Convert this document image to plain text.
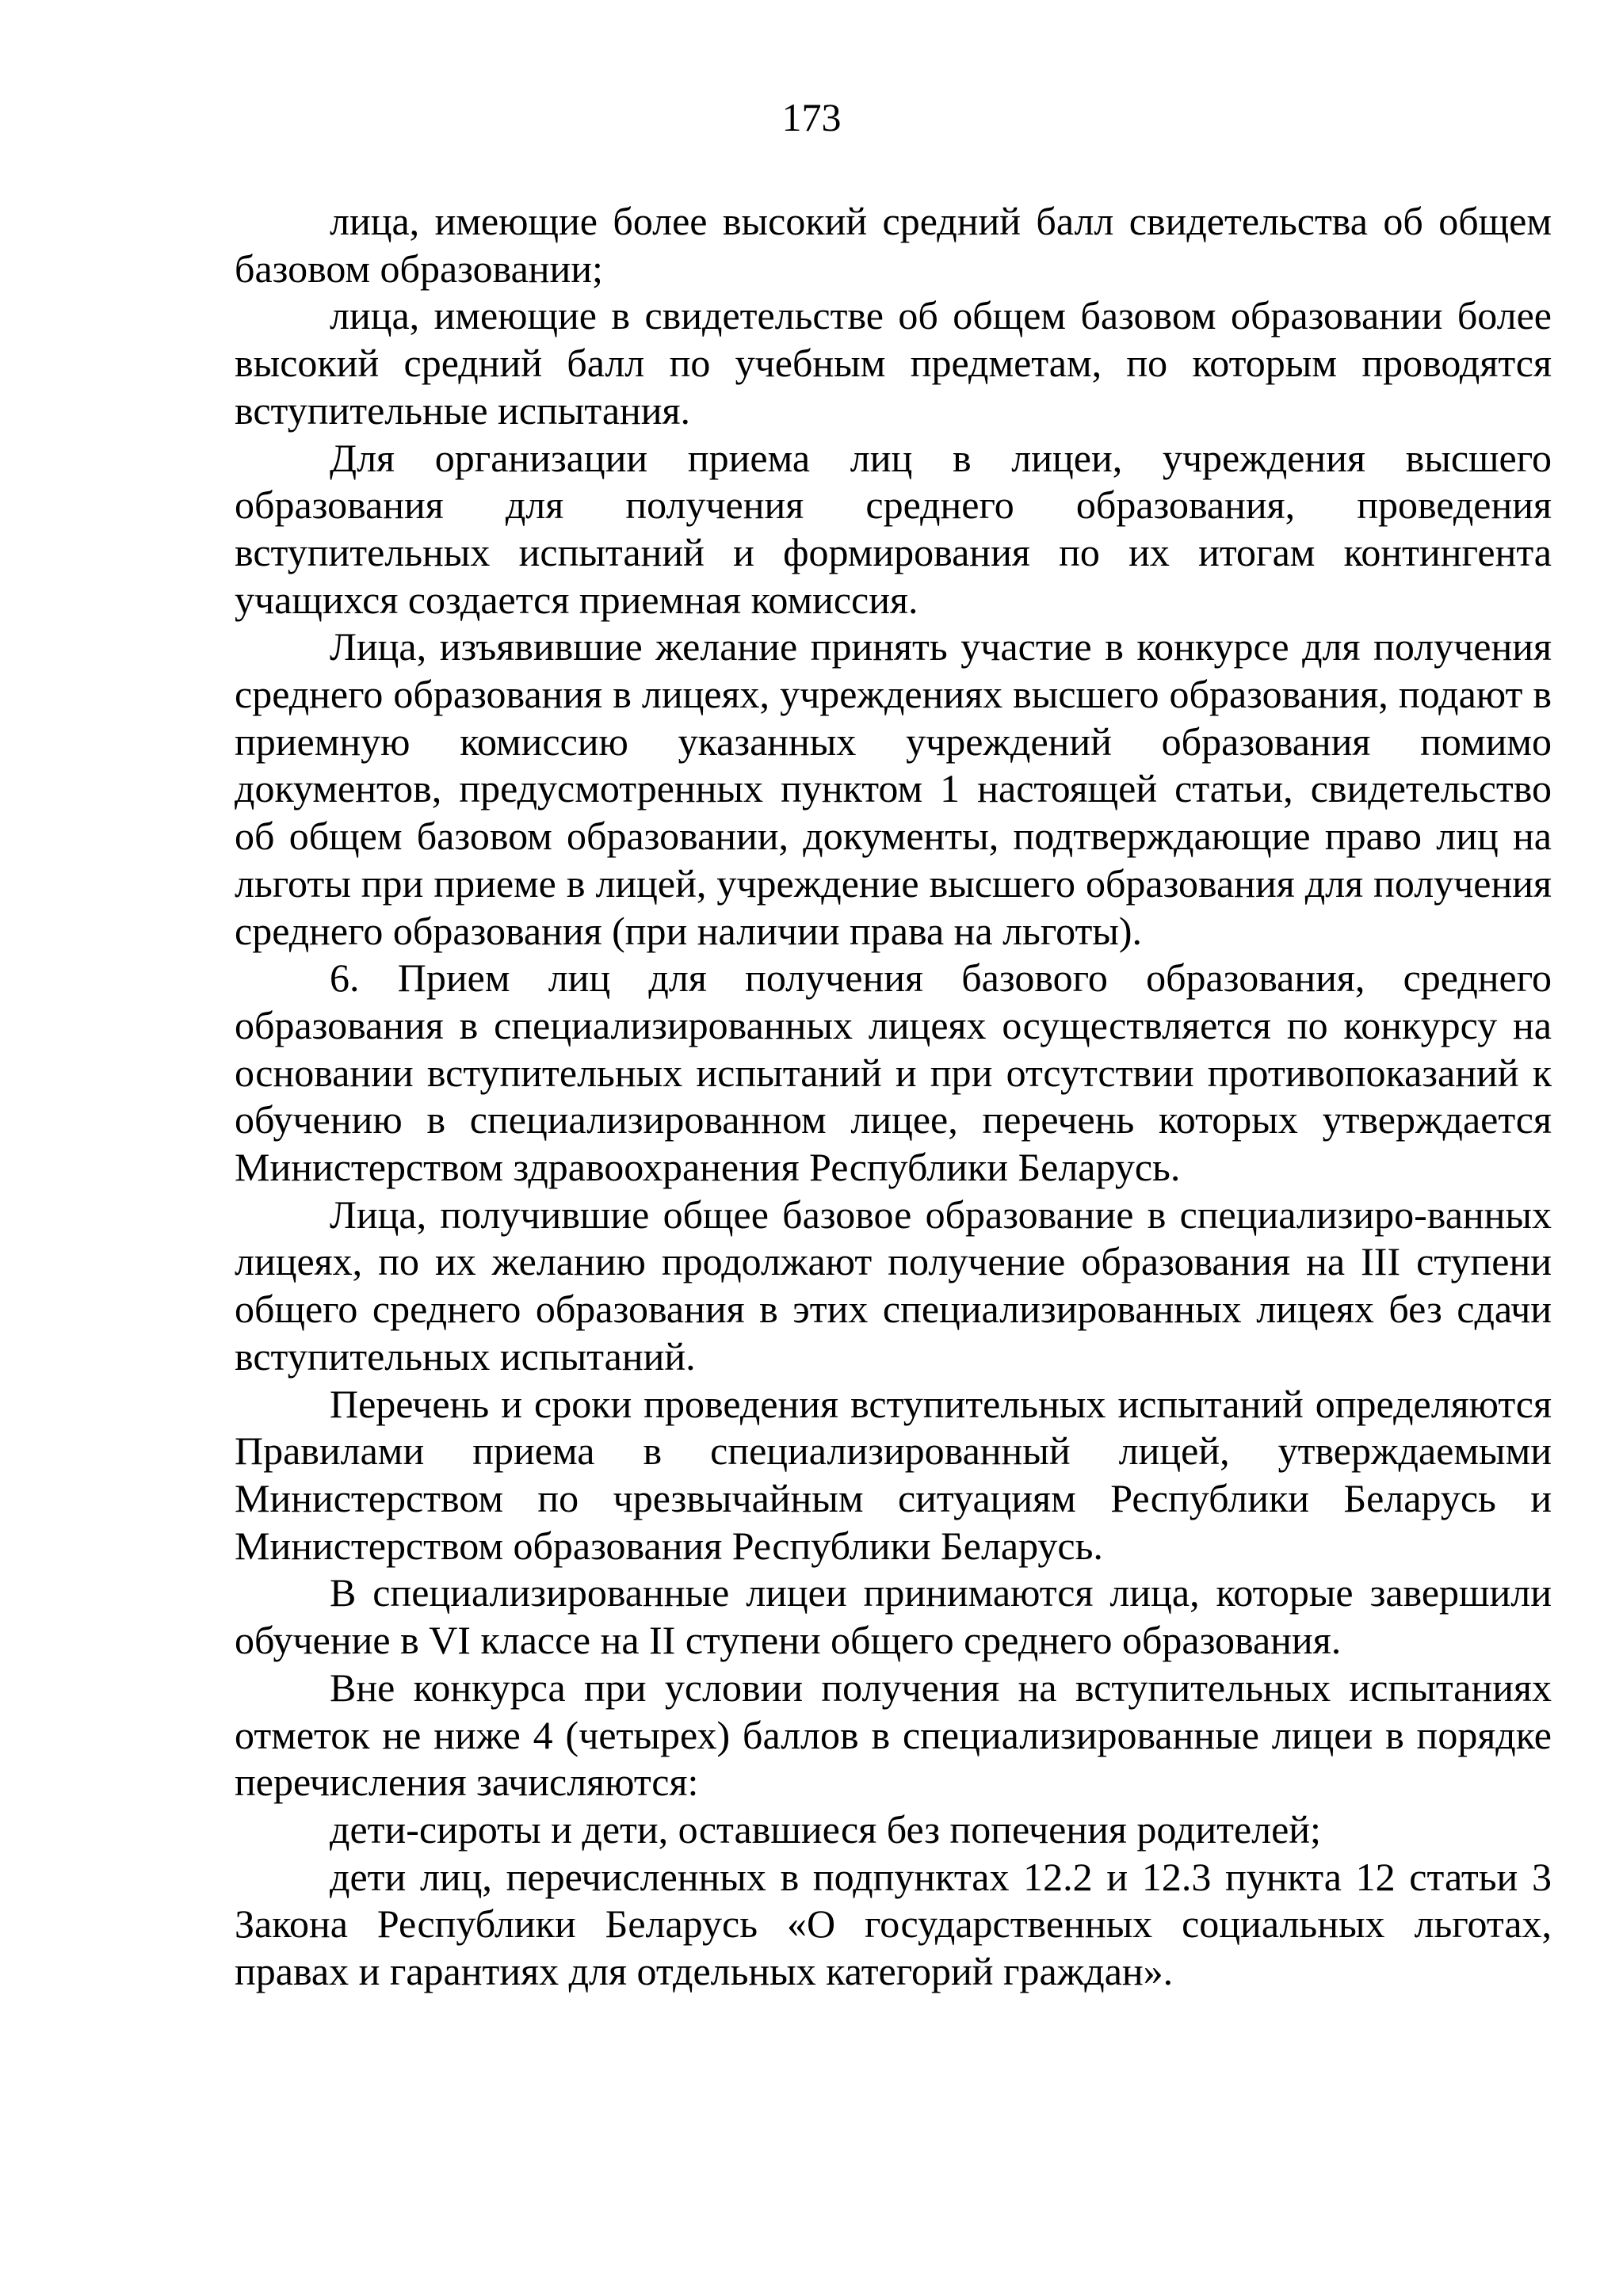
173

лица, имеющие более высокий средний балл свидетельства об общем базовом образовании;

лица, имеющие в свидетельстве об общем базовом образовании более высокий средний балл по учебным предметам, по которым проводятся вступительные испытания.

Для организации приема лиц в лицеи, учреждения высшего образования для получения среднего образования, проведения вступительных испытаний и формирования по их итогам контингента учащихся создается приемная комиссия.

Лица, изъявившие желание принять участие в конкурсе для получения среднего образования в лицеях, учреждениях высшего образования, подают в приемную комиссию указанных учреждений образования помимо документов, предусмотренных пунктом 1 настоящей статьи, свидетельство об общем базовом образовании, документы, подтверждающие право лиц на льготы при приеме в лицей, учреждение высшего образования для получения среднего образования (при наличии права на льготы).

6. Прием лиц для получения базового образования, среднего образования в специализированных лицеях осуществляется по конкурсу на основании вступительных испытаний и при отсутствии противопоказаний к обучению в специализированном лицее, перечень которых утверждается Министерством здравоохранения Республики Беларусь.

Лица, получившие общее базовое образование в специализиро-ванных лицеях, по их желанию продолжают получение образования на III ступени общего среднего образования в этих специализированных лицеях без сдачи вступительных испытаний.

Перечень и сроки проведения вступительных испытаний определяются Правилами приема в специализированный лицей, утверждаемыми Министерством по чрезвычайным ситуациям Республики Беларусь и Министерством образования Республики Беларусь.

В специализированные лицеи принимаются лица, которые завершили обучение в VI классе на II ступени общего среднего образования.

Вне конкурса при условии получения на вступительных испытаниях отметок не ниже 4 (четырех) баллов в специализированные лицеи в порядке перечисления зачисляются:

дети-сироты и дети, оставшиеся без попечения родителей;

дети лиц, перечисленных в подпунктах 12.2 и 12.3 пункта 12 статьи 3 Закона Республики Беларусь «О государственных социальных льготах, правах и гарантиях для отдельных категорий граждан».
